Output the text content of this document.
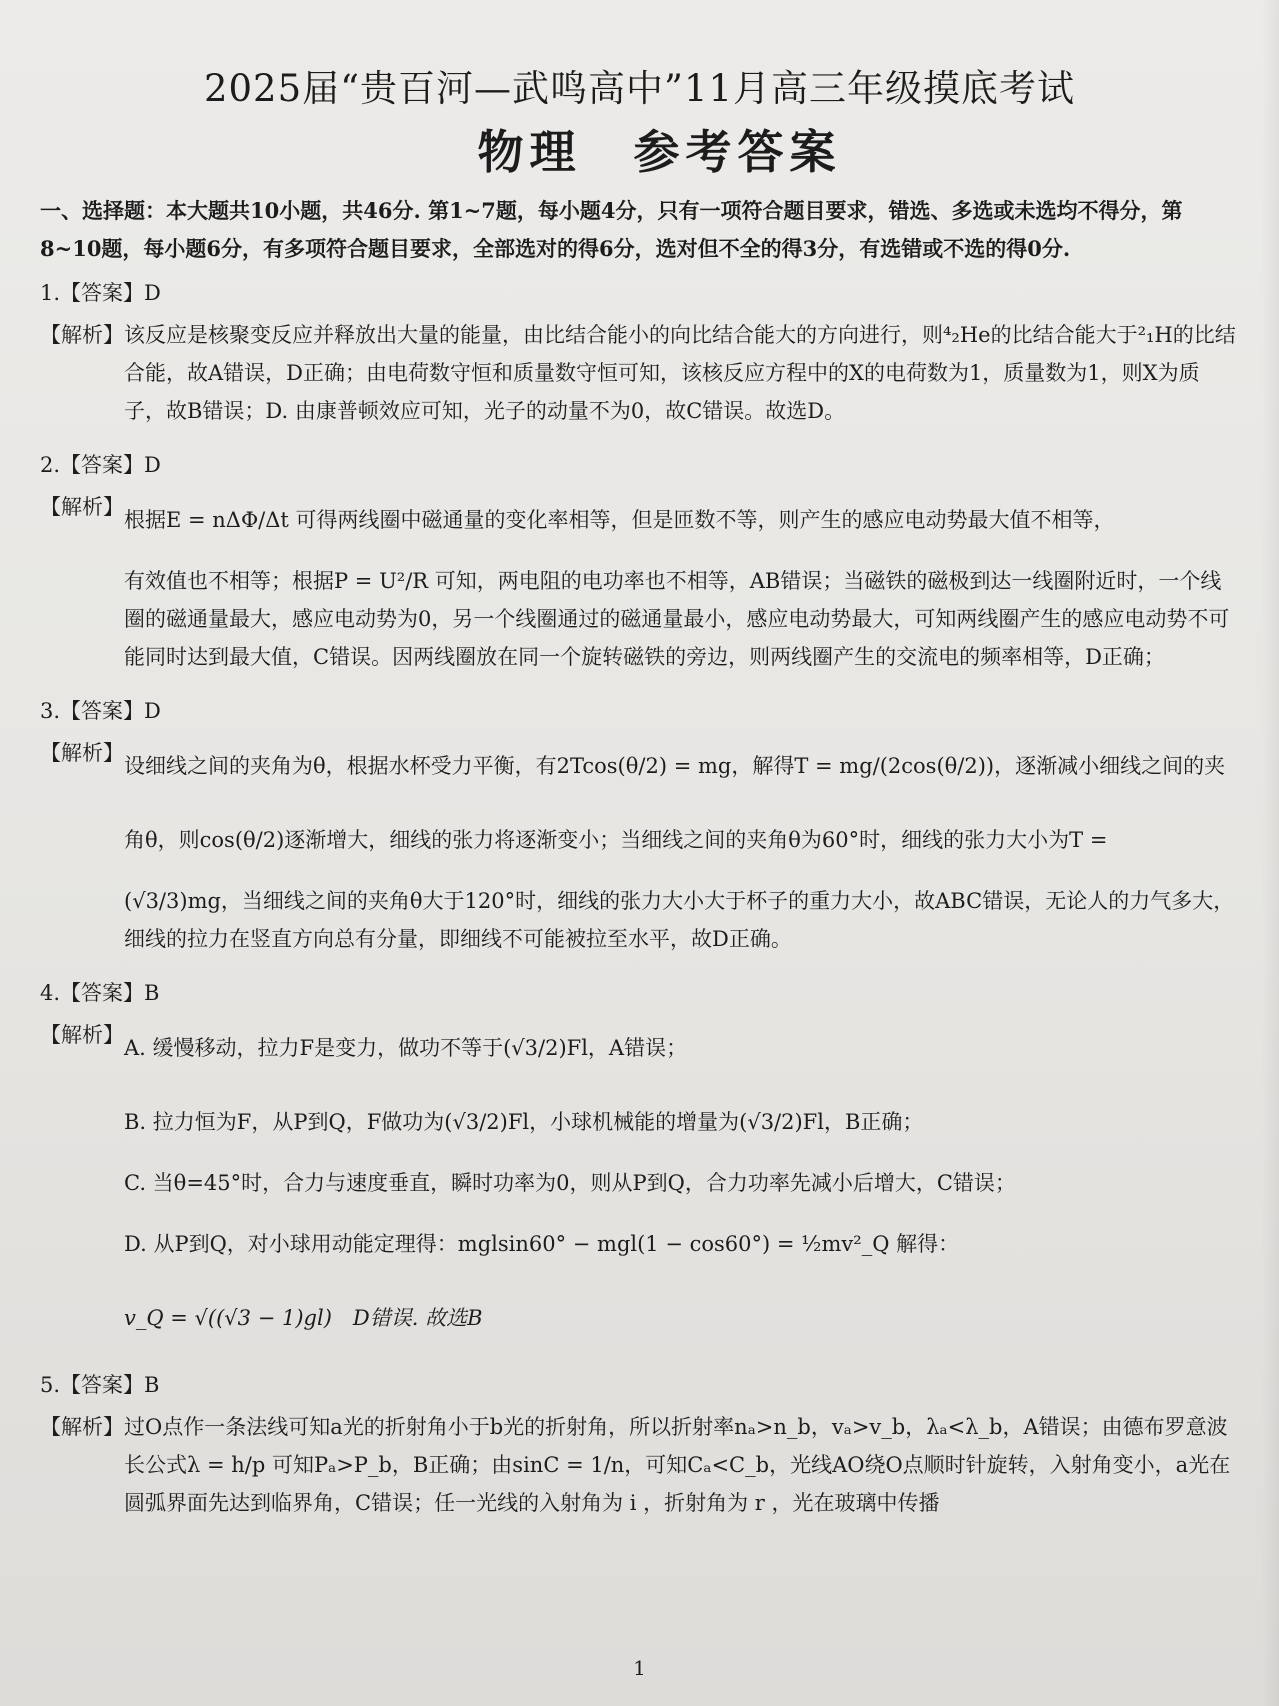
2025届“贵百河—武鸣高中”11月高三年级摸底考试
物理　参考答案
一、选择题：本大题共10小题，共46分. 第1~7题，每小题4分，只有一项符合题目要求，错选、多选或未选均不得分，第8~10题，每小题6分，有多项符合题目要求，全部选对的得6分，选对但不全的得3分，有选错或不选的得0分.
1.【答案】D
【解析】 该反应是核聚变反应并释放出大量的能量，由比结合能小的向比结合能大的方向进行，则⁴₂He的比结合能大于²₁H的比结合能，故A错误，D正确；由电荷数守恒和质量数守恒可知，该核反应方程中的X的电荷数为1，质量数为1，则X为质子，故B错误；D. 由康普顿效应可知，光子的动量不为0，故C错误。故选D。

2.【答案】D
【解析】

根据E = nΔΦ/Δt 可得两线圈中磁通量的变化率相等，但是匝数不等，则产生的感应电动势最大值不相等，

有效值也不相等；根据P = U²/R 可知，两电阻的电功率也不相等，AB错误；当磁铁的磁极到达一线圈附近时，一个线圈的磁通量最大，感应电动势为0，另一个线圈通过的磁通量最小，感应电动势最大，可知两线圈产生的感应电动势不可能同时达到最大值，C错误。因两线圈放在同一个旋转磁铁的旁边，则两线圈产生的交流电的频率相等，D正确；

3.【答案】D
【解析】

设细线之间的夹角为θ，根据水杯受力平衡，有2Tcos(θ/2) = mg，解得T = mg/(2cos(θ/2))，逐渐减小细线之间的夹

角θ，则cos(θ/2)逐渐增大，细线的张力将逐渐变小；当细线之间的夹角θ为60°时，细线的张力大小为T =

(√3/3)mg，当细线之间的夹角θ大于120°时，细线的张力大小大于杯子的重力大小，故ABC错误，无论人的力气多大，细线的拉力在竖直方向总有分量，即细线不可能被拉至水平，故D正确。

4.【答案】B
【解析】

A. 缓慢移动，拉力F是变力，做功不等于(√3/2)Fl，A错误；

B. 拉力恒为F，从P到Q，F做功为(√3/2)Fl，小球机械能的增量为(√3/2)Fl，B正确；

C. 当θ=45°时，合力与速度垂直，瞬时功率为0，则从P到Q，合力功率先减小后增大，C错误；

D. 从P到Q，对小球用动能定理得：mglsin60° − mgl(1 − cos60°) = ½mv²_Q 解得：

v_Q = √((√3 − 1)gl)　D错误. 故选B

5.【答案】B
【解析】 过O点作一条法线可知a光的折射角小于b光的折射角，所以折射率nₐ>n_b，vₐ>v_b，λₐ<λ_b，A错误；由德布罗意波长公式λ = h/p 可知Pₐ>P_b，B正确；由sinC = 1/n，可知Cₐ<C_b，光线AO绕O点顺时针旋转，入射角变小，a光在圆弧界面先达到临界角，C错误；任一光线的入射角为 i ，折射角为 r ，光在玻璃中传播

1
